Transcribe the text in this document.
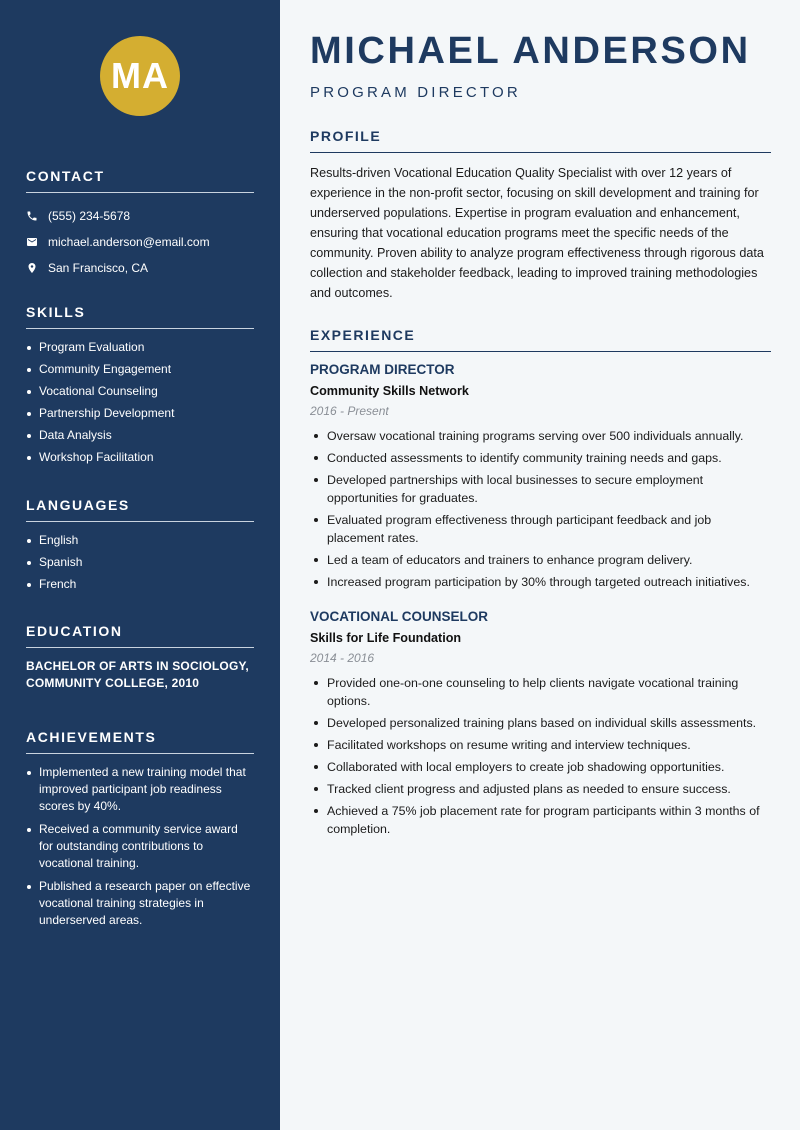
MA
CONTACT
(555) 234-5678
michael.anderson@email.com
San Francisco, CA
SKILLS
Program Evaluation
Community Engagement
Vocational Counseling
Partnership Development
Data Analysis
Workshop Facilitation
LANGUAGES
English
Spanish
French
EDUCATION
BACHELOR OF ARTS IN SOCIOLOGY,
COMMUNITY COLLEGE, 2010
ACHIEVEMENTS
Implemented a new training model that improved participant job readiness scores by 40%.
Received a community service award for outstanding contributions to vocational training.
Published a research paper on effective vocational training strategies in underserved areas.
MICHAEL ANDERSON
PROGRAM DIRECTOR
PROFILE

Results-driven Vocational Education Quality Specialist with over 12 years of experience in the non-profit sector, focusing on skill development and training for underserved populations. Expertise in program evaluation and enhancement, ensuring that vocational education programs meet the specific needs of the community. Proven ability to analyze program effectiveness through rigorous data collection and stakeholder feedback, leading to improved training methodologies and outcomes.

EXPERIENCE
PROGRAM DIRECTOR
Community Skills Network
2016 - Present
Oversaw vocational training programs serving over 500 individuals annually.
Conducted assessments to identify community training needs and gaps.
Developed partnerships with local businesses to secure employment opportunities for graduates.
Evaluated program effectiveness through participant feedback and job placement rates.
Led a team of educators and trainers to enhance program delivery.
Increased program participation by 30% through targeted outreach initiatives.
VOCATIONAL COUNSELOR
Skills for Life Foundation
2014 - 2016
Provided one-on-one counseling to help clients navigate vocational training options.
Developed personalized training plans based on individual skills assessments.
Facilitated workshops on resume writing and interview techniques.
Collaborated with local employers to create job shadowing opportunities.
Tracked client progress and adjusted plans as needed to ensure success.
Achieved a 75% job placement rate for program participants within 3 months of completion.
